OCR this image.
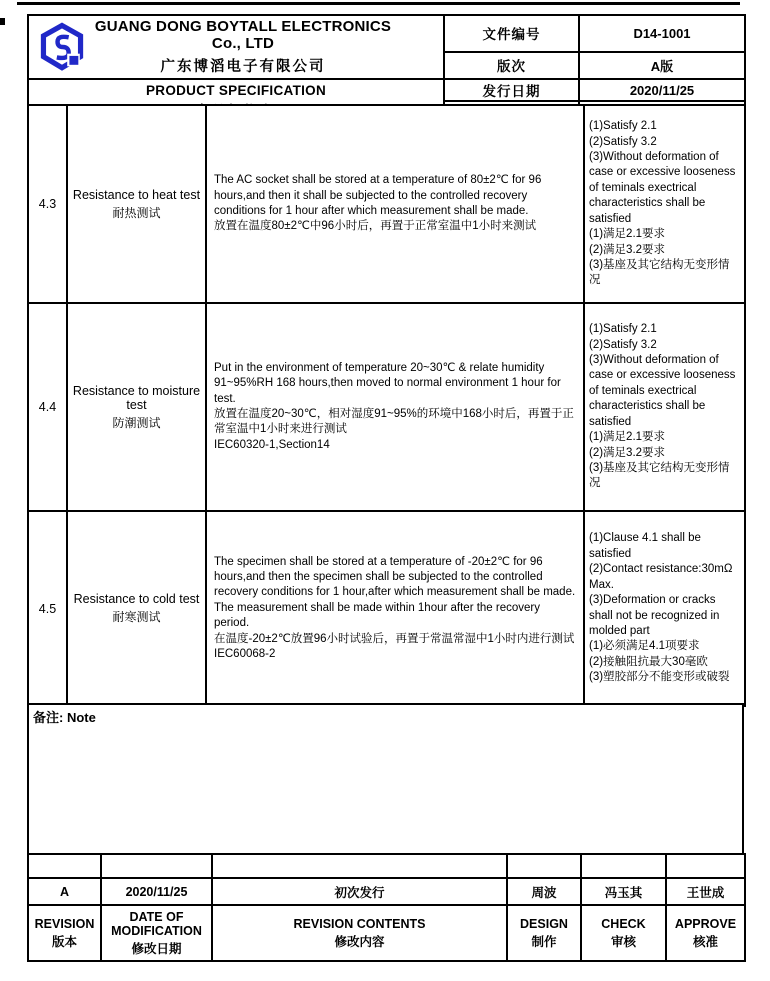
GUANG DONG BOYTALL ELECTRONICS Co., LTD
广东博滔电子有限公司	文件编号	D14-1001
	版次	A版

PRODUCT SPECIFICATION	发行日期	2020/11/25

4.3	
Resistance to heat test
耐热测试

The AC socket shall be stored at a temperature of 80±2℃ for 96 hours,and then it shall be subjected to the controlled recovery conditions for 1 hour after which measurement shall be made.
放置在温度80±2℃中96小时后，再置于正常室温中1小时来测试

(1)Satisfy 2.1
(2)Satisfy 3.2
(3)Without deformation of case or excessive looseness of teminals exectrical characteristics shall be satisfied
(1)满足2.1要求
(2)满足3.2要求
(3)基座及其它结构无变形情况

4.4	
Resistance to moisture test
防潮测试

Put in the environment of temperature 20~30℃ & relate humidity 91~95%RH 168 hours,then moved to normal environment 1 hour for test.
放置在温度20~30℃，相对湿度91~95%的环境中168小时后，再置于正常室温中1小时来进行测试
IEC60320-1,Section14

(1)Satisfy 2.1
(2)Satisfy 3.2
(3)Without deformation of case or excessive looseness of teminals exectrical characteristics shall be satisfied
(1)满足2.1要求
(2)满足3.2要求
(3)基座及其它结构无变形情况

4.5	
Resistance to cold test
耐寒测试

The specimen shall be stored at a temperature of -20±2℃ for 96 hours,and then the specimen shall be subjected to the controlled recovery conditions for 1 hour,after which measurement shall be made.
The measurement shall be made within 1hour after the recovery period.
在温度-20±2℃放置96小时试验后，再置于常温常湿中1小时内进行测试
IEC60068-2

(1)Clause 4.1 shall be satisfied
(2)Contact resistance:30mΩ Max.
(3)Deformation or cracks shall not be recognized in molded part
(1)必须满足4.1项要求
(2)接触阻抗最大30毫欧
(3)塑胶部分不能变形或破裂
备注: Note

A	2020/11/25	初次发行	周波	冯玉其	王世成

REVISION
版本

DATE OF MODIFICATION
修改日期

REVISION CONTENTS
修改内容

DESIGN
制作

CHECK
审核

APPROVE
核准
